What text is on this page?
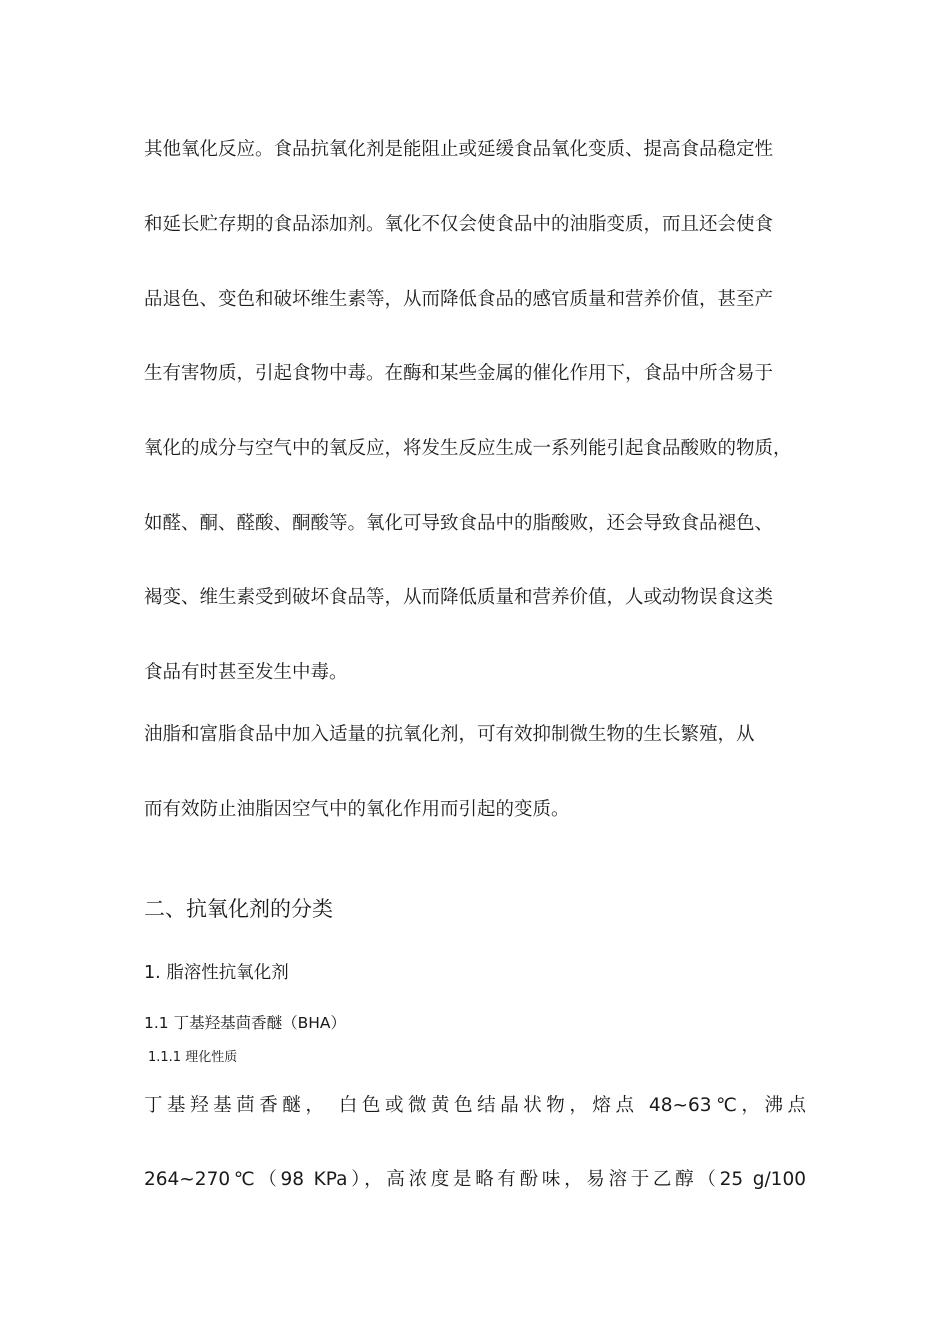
其他氧化反应。食品抗氧化剂是能阻止或延缓食品氧化变质、提高食品稳定性
和延长贮存期的食品添加剂。氧化不仅会使食品中的油脂变质，而且还会使食
品退色、变色和破坏维生素等，从而降低食品的感官质量和营养价值，甚至产
生有害物质，引起食物中毒。在酶和某些金属的催化作用下，食品中所含易于
氧化的成分与空气中的氧反应，将发生反应生成一系列能引起食品酸败的物质，
如醛、酮、醛酸、酮酸等。氧化可导致食品中的脂酸败，还会导致食品褪色、
褐变、维生素受到破坏食品等，从而降低质量和营养价值，人或动物误食这类
食品有时甚至发生中毒。
油脂和富脂食品中加入适量的抗氧化剂，可有效抑制微生物的生长繁殖，从
而有效防止油脂因空气中的氧化作用而引起的变质。
二、抗氧化剂的分类
1. 脂溶性抗氧化剂
1.1 丁基羟基茴香醚（BHA）
1.1.1 理化性质
丁基羟基茴香醚， 白色或微黄色结晶状物，熔点 48~63℃，沸点
264~270℃（98 KPa），高浓度是略有酚味，易溶于乙醇（25 g/100
